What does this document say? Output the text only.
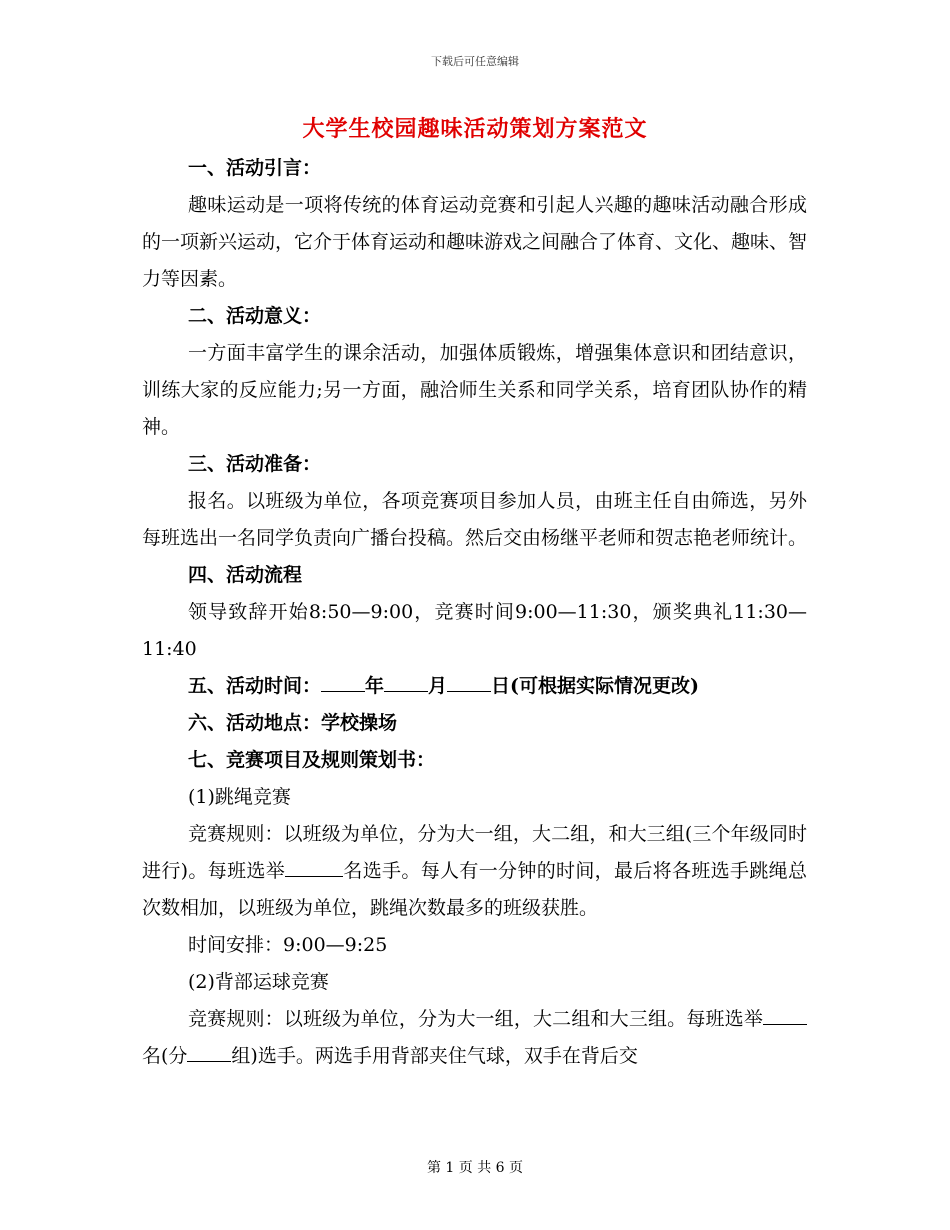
下载后可任意编辑
大学生校园趣味活动策划方案范文

一、活动引言：

趣味运动是一项将传统的体育运动竞赛和引起人兴趣的趣味活动融合形成的一项新兴运动，它介于体育运动和趣味游戏之间融合了体育、文化、趣味、智力等因素。

二、活动意义：

一方面丰富学生的课余活动，加强体质锻炼，增强集体意识和团结意识，训练大家的反应能力;另一方面，融洽师生关系和同学关系，培育团队协作的精神。

三、活动准备：

报名。以班级为单位，各项竞赛项目参加人员，由班主任自由筛选，另外每班选出一名同学负责向广播台投稿。然后交由杨继平老师和贺志艳老师统计。

四、活动流程

领导致辞开始8:50—9:00，竞赛时间9:00—11:30，颁奖典礼11:30—11:40

五、活动时间： 年 月 日(可根据实际情况更改)

六、活动地点：学校操场

七、竞赛项目及规则策划书：

(1)跳绳竞赛

竞赛规则：以班级为单位，分为大一组，大二组，和大三组(三个年级同时进行)。每班选举	名选手。每人有一分钟的时间，最后将各班选手跳绳总次数相加，以班级为单位，跳绳次数最多的班级获胜。

时间安排：9:00—9:25

(2)背部运球竞赛

竞赛规则：以班级为单位，分为大一组，大二组和大三组。每班选举名(分 组)选手。两选手用背部夹住气球，双手在背后交

第 1 页 共 6 页
